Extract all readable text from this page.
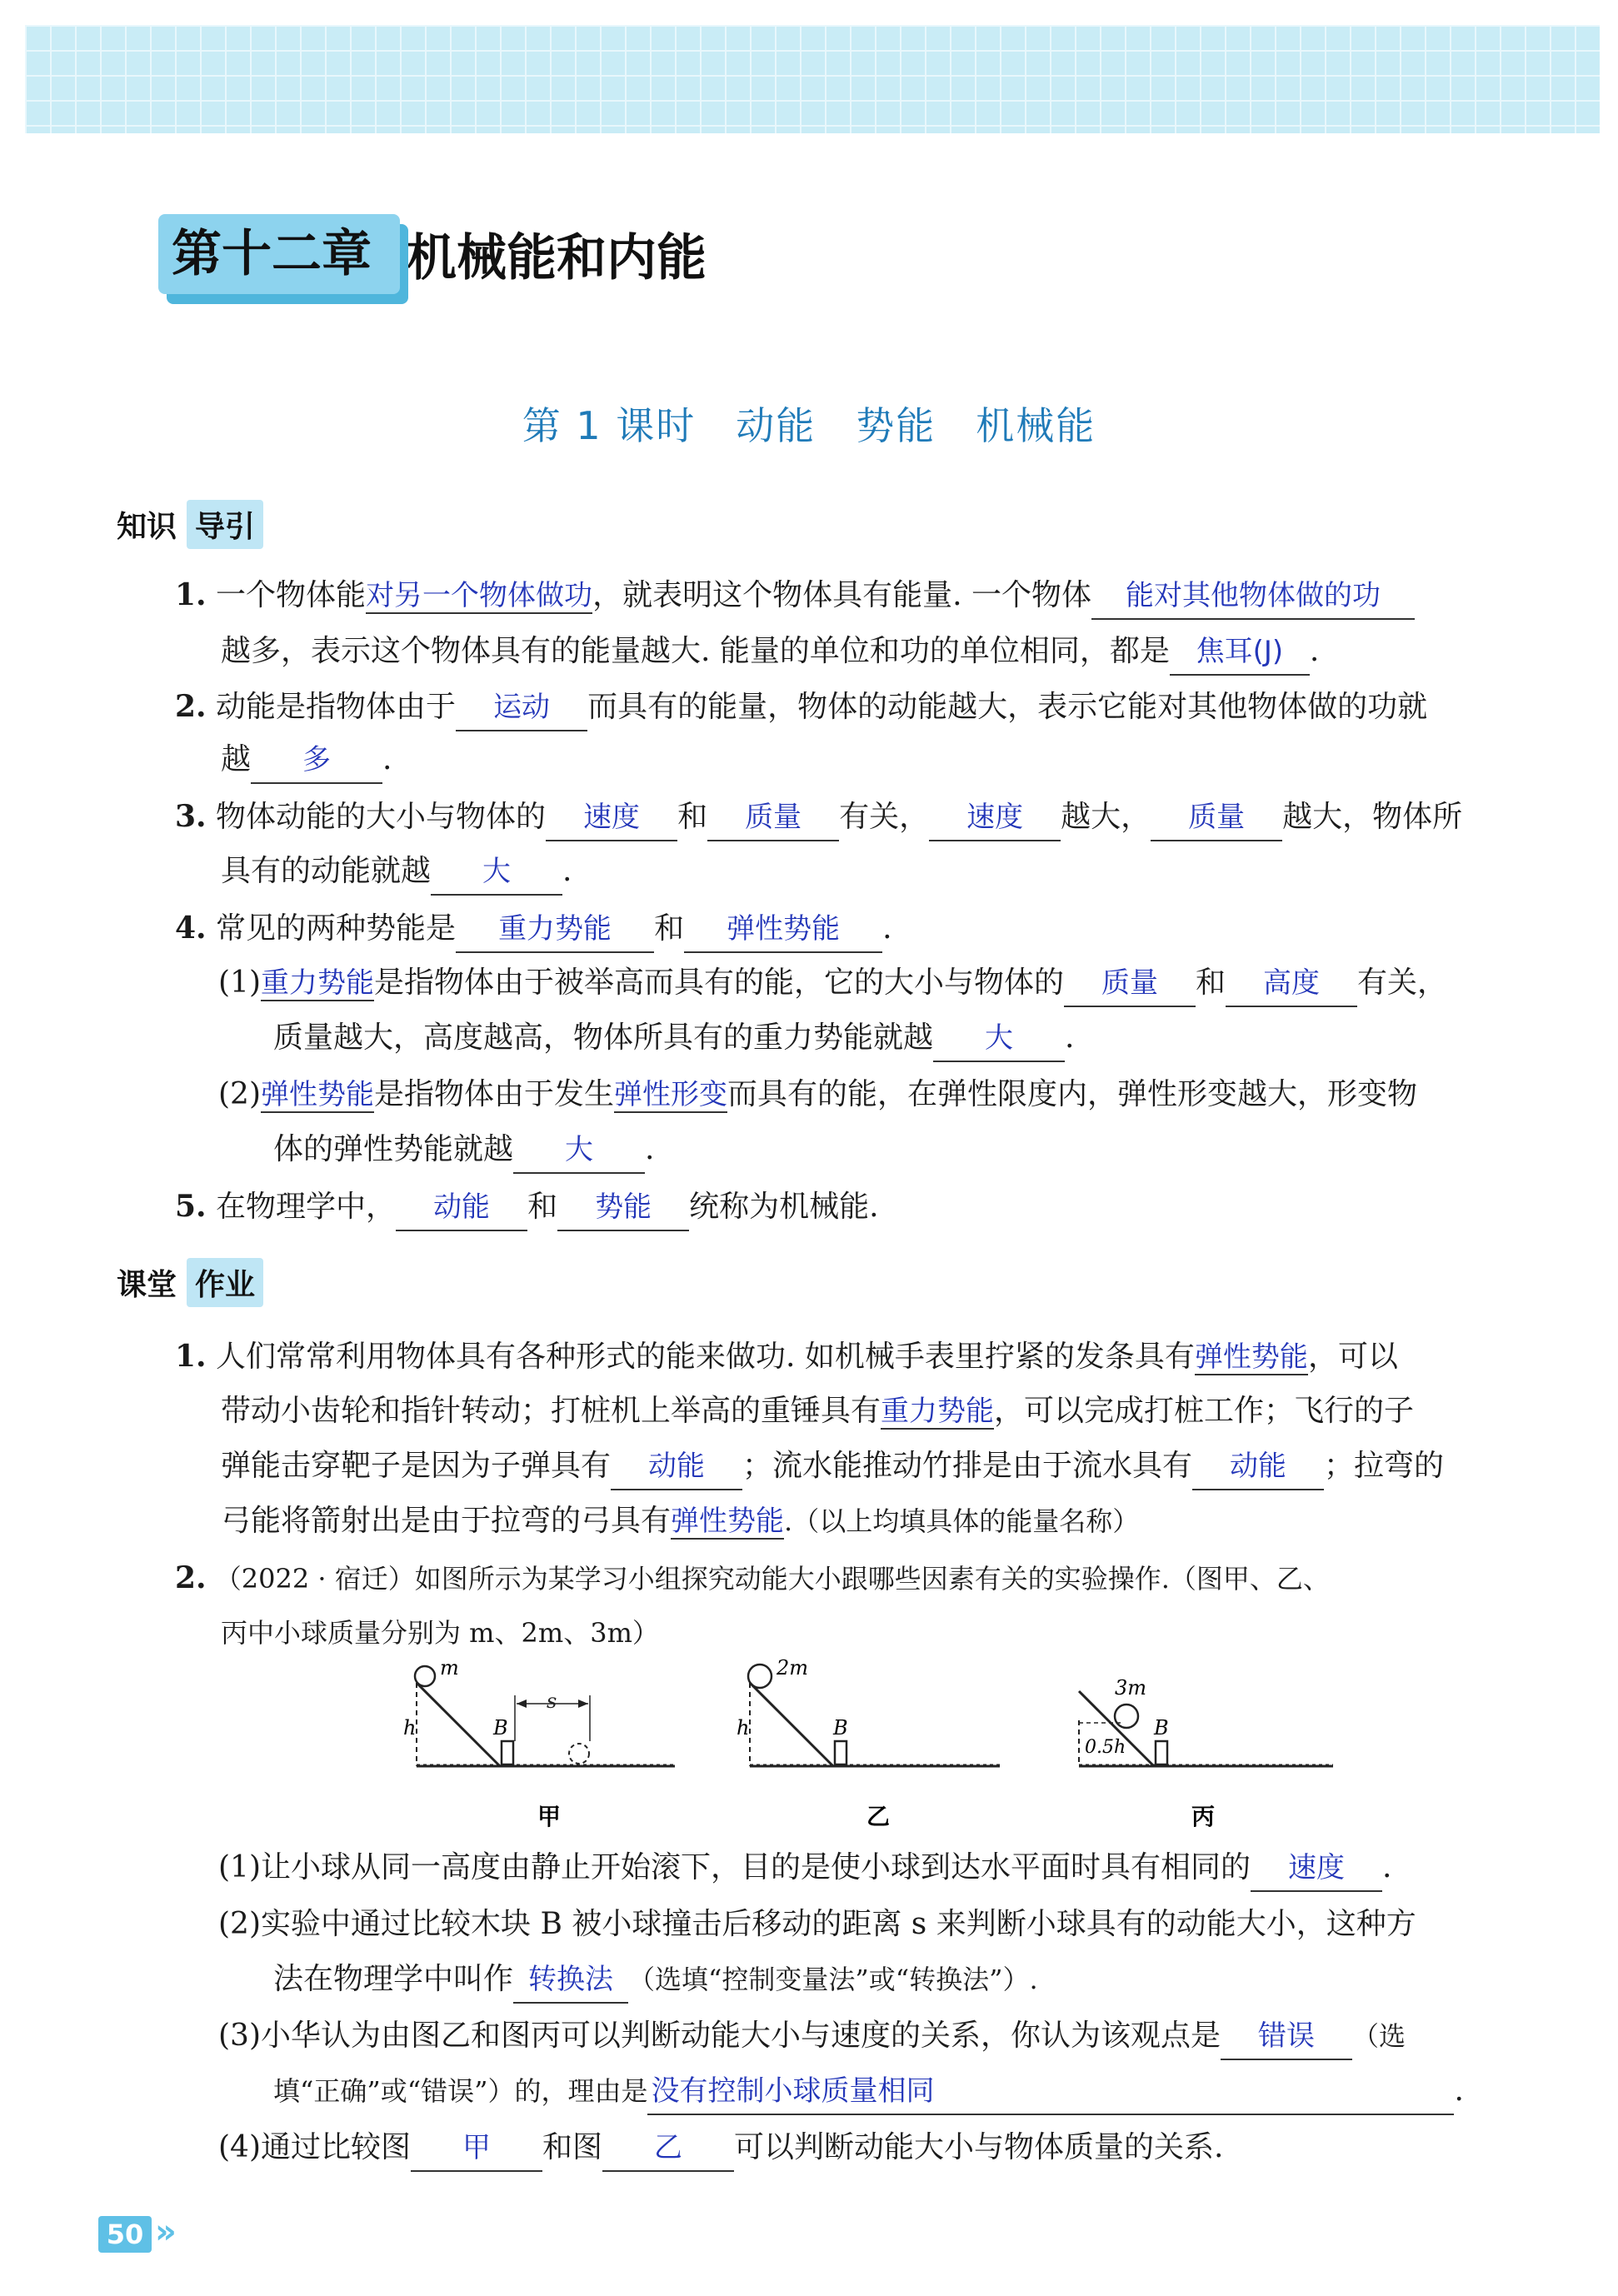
第十二章 机械能和内能
第 1 课时　动能　势能　机械能
知识 导引
1. 一个物体能对另一个物体做功，就表明这个物体具有能量. 一个物体 能对其他物体做的功
越多，表示这个物体具有的能量越大. 能量的单位和功的单位相同，都是 焦耳(J) .
2. 动能是指物体由于 运动 而具有的能量，物体的动能越大，表示它能对其他物体做的功就
越 多 .
3. 物体动能的大小与物体的 速度 和 质量 有关， 速度 越大， 质量 越大，物体所
具有的动能就越 大 .
4. 常见的两种势能是 重力势能 和 弹性势能 .
(1)重力势能是指物体由于被举高而具有的能，它的大小与物体的 质量 和 高度 有关，
质量越大，高度越高，物体所具有的重力势能就越 大 .
(2)弹性势能是指物体由于发生弹性形变而具有的能，在弹性限度内，弹性形变越大，形变物
体的弹性势能就越 大 .
5. 在物理学中， 动能 和 势能 统称为机械能.
课堂 作业
1. 人们常常利用物体具有各种形式的能来做功. 如机械手表里拧紧的发条具有弹性势能，可以
带动小齿轮和指针转动；打桩机上举高的重锤具有重力势能，可以完成打桩工作；飞行的子
弹能击穿靶子是因为子弹具有 动能 ；流水能推动竹排是由于流水具有 动能 ；拉弯的
弓能将箭射出是由于拉弯的弓具有弹性势能.（以上均填具体的能量名称）
2. （2022 · 宿迁）如图所示为某学习小组探究动能大小跟哪些因素有关的实验操作.（图甲、乙、
丙中小球质量分别为 m、2m、3m）
m
h	B
s
甲
2m
h	B
乙
3m
0.5h
B
丙
(1)让小球从同一高度由静止开始滚下，目的是使小球到达水平面时具有相同的 速度 .
(2)实验中通过比较木块 B 被小球撞击后移动的距离 s 来判断小球具有的动能大小，这种方
法在物理学中叫作 转换法 （选填“控制变量法”或“转换法”）.
(3)小华认为由图乙和图丙可以判断动能大小与速度的关系，你认为该观点是 错误 （选
填“正确”或“错误”）的，理由是 没有控制小球质量相同	.
(4)通过比较图 甲 和图 乙 可以判断动能大小与物体质量的关系.
50 »
